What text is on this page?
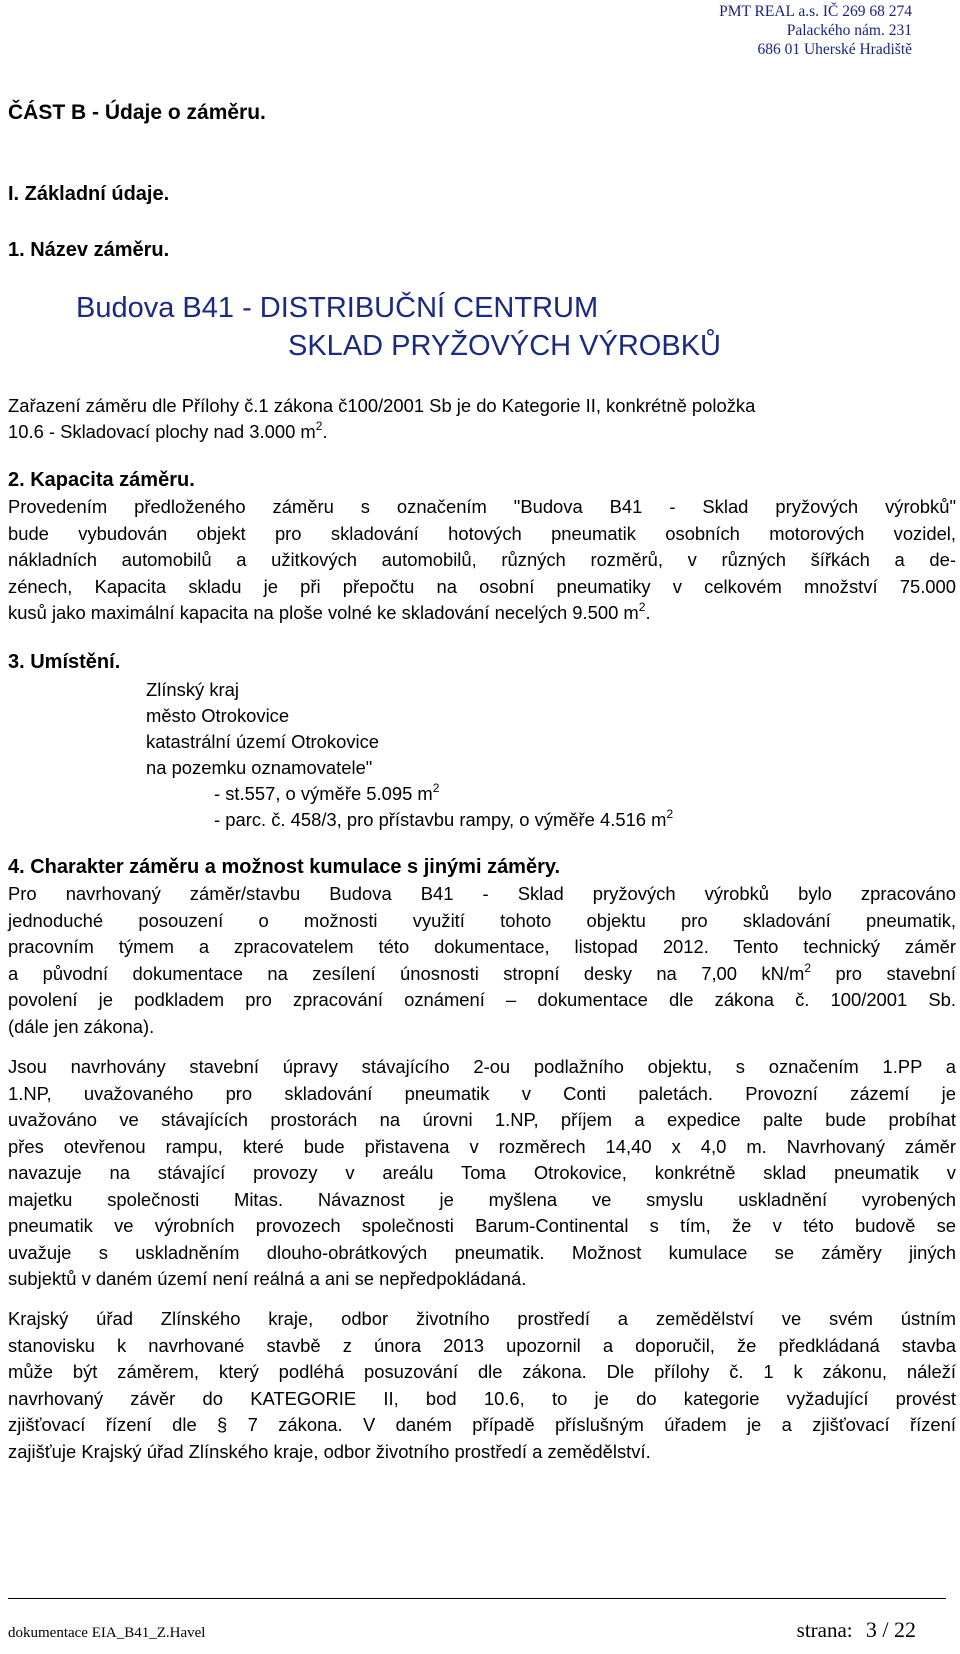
PMT REAL a.s. IČ 269 68 274
Palackého nám. 231
686 01 Uherské Hradiště
ČÁST B - Údaje o záměru.
I. Základní údaje.
1. Název záměru.
Budova B41 - DISTRIBUČNÍ CENTRUM
SKLAD PRYŽOVÝCH VÝROBKŮ
Zařazení záměru dle Přílohy č.1 zákona č100/2001 Sb je do Kategorie II, konkrétně položka
10.6 - Skladovací plochy nad 3.000 $m^2$.
2. Kapacita záměru.
Provedením předloženého záměru s označením "Budova B41 - Sklad pryžových výrobků"
bude vybudován objekt pro skladování hotových pneumatik osobních motorových vozidel,
nákladních automobilů a užitkových automobilů, různých rozměrů, v různých šířkách a de-
zénech, Kapacita skladu je při přepočtu na osobní pneumatiky v celkovém množství 75.000
kusů jako maximální kapacita na ploše volné ke skladování necelých 9.500 $m^2$.
3. Umístění.
Zlínský kraj
město Otrokovice
katastrální území Otrokovice
na pozemku oznamovatele"
- st.557, o výměře 5.095 $m^2$
- parc. č. 458/3, pro přístavbu rampy, o výměře 4.516 $m^2$
4. Charakter záměru a možnost kumulace s jinými záměry.
Pro navrhovaný záměr/stavbu Budova B41 - Sklad pryžových výrobků bylo zpracováno
jednoduché posouzení o možnosti využití tohoto objektu pro skladování pneumatik,
pracovním týmem a zpracovatelem této dokumentace, listopad 2012. Tento technický záměr
a původní dokumentace na zesílení únosnosti stropní desky na 7,00 $kN/m^2$ pro stavební
povolení je podkladem pro zpracování oznámení – dokumentace dle zákona č. 100/2001 Sb.
(dále jen zákona).
Jsou navrhovány stavební úpravy stávajícího 2-ou podlažního objektu, s označením 1.PP a
1.NP, uvažovaného pro skladování pneumatik v Conti paletách. Provozní zázemí je
uvažováno ve stávajících prostorách na úrovni 1.NP, příjem a expedice palte bude probíhat
přes otevřenou rampu, které bude přistavena v rozměrech 14,40 x 4,0 m. Navrhovaný záměr
navazuje na stávající provozy v areálu Toma Otrokovice, konkrétně sklad pneumatik v
majetku společnosti Mitas. Návaznost je myšlena ve smyslu uskladnění vyrobených
pneumatik ve výrobních provozech společnosti Barum-Continental s tím, že v této budově se
uvažuje s uskladněním dlouho-obrátkových pneumatik. Možnost kumulace se záměry jiných
subjektů v daném území není reálná a ani se nepředpokládaná.
Krajský úřad Zlínského kraje, odbor životního prostředí a zemědělství ve svém ústním
stanovisku k navrhované stavbě z února 2013 upozornil a doporučil, že předkládaná stavba
může být záměrem, který podléhá posuzování dle zákona. Dle přílohy č. 1 k zákonu, náleží
navrhovaný závěr do KATEGORIE II, bod 10.6, to je do kategorie vyžadující provést
zjišťovací řízení dle § 7 zákona. V daném případě příslušným úřadem je a zjišťovací řízení
zajišťuje Krajský úřad Zlínského kraje, odbor životního prostředí a zemědělství.
dokumentace EIA_B41_Z.Havel	strana: 3 / 22
